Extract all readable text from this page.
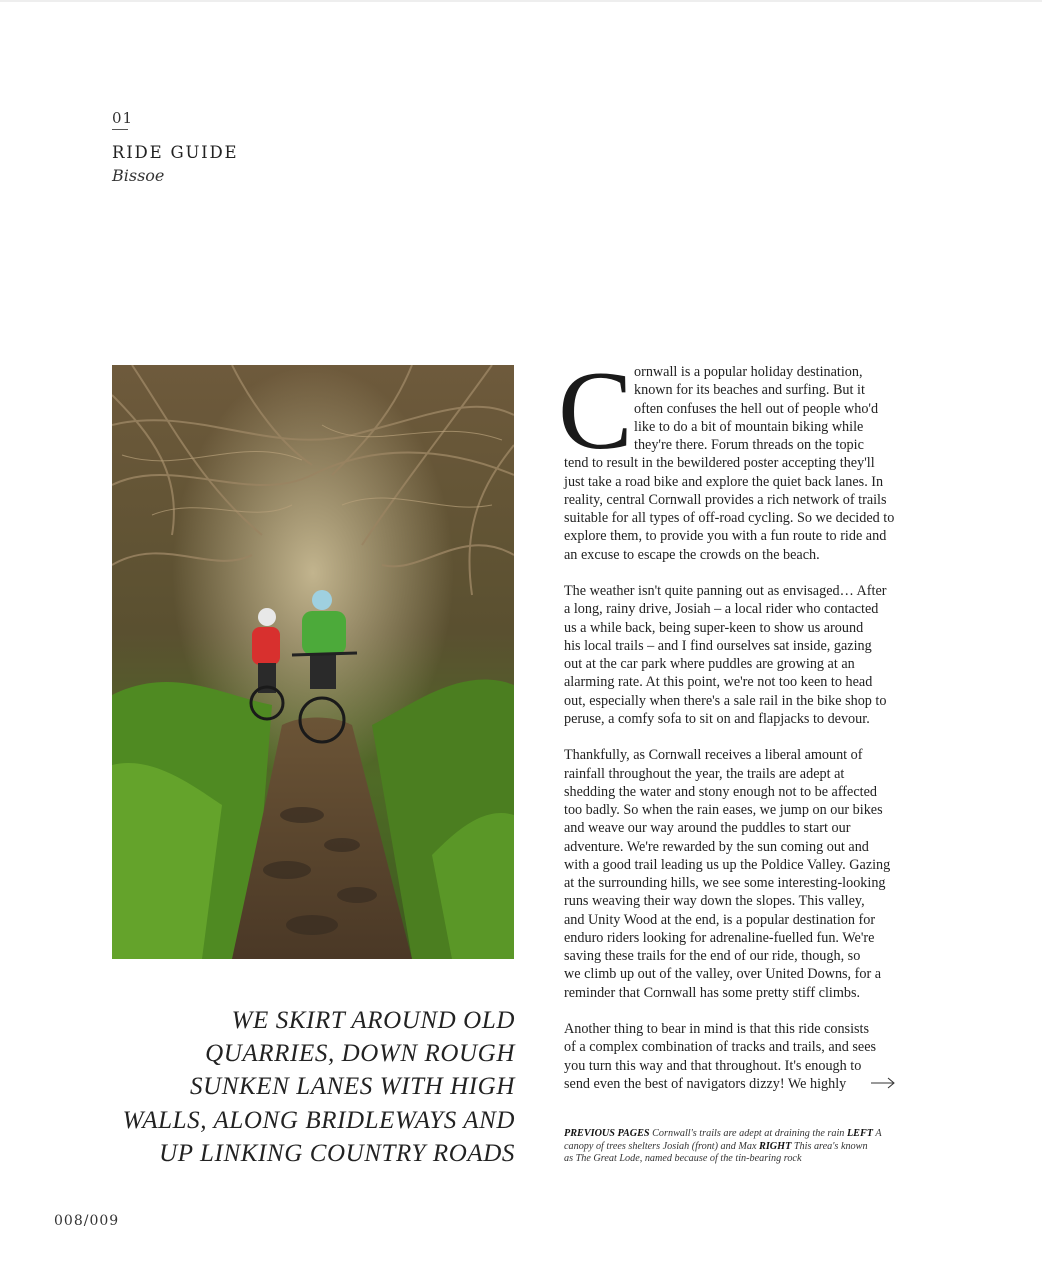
01
RIDE GUIDE
Bissoe
WE SKIRT AROUND OLD
QUARRIES, DOWN ROUGH
SUNKEN LANES WITH HIGH
WALLS, ALONG BRIDLEWAYS AND
UP LINKING COUNTRY ROADS
C ornwall is a popular holiday destination,
known for its beaches and surfing. But it
often confuses the hell out of people who'd
like to do a bit of mountain biking while
they're there. Forum threads on the topic
tend to result in the bewildered poster accepting they'll
just take a road bike and explore the quiet back lanes. In
reality, central Cornwall provides a rich network of trails
suitable for all types of off-road cycling. So we decided to
explore them, to provide you with a fun route to ride and
an excuse to escape the crowds on the beach.
The weather isn't quite panning out as envisaged… After
a long, rainy drive, Josiah – a local rider who contacted
us a while back, being super-keen to show us around
his local trails – and I find ourselves sat inside, gazing
out at the car park where puddles are growing at an
alarming rate. At this point, we're not too keen to head
out, especially when there's a sale rail in the bike shop to
peruse, a comfy sofa to sit on and flapjacks to devour.
Thankfully, as Cornwall receives a liberal amount of
rainfall throughout the year, the trails are adept at
shedding the water and stony enough not to be affected
too badly. So when the rain eases, we jump on our bikes
and weave our way around the puddles to start our
adventure. We're rewarded by the sun coming out and
with a good trail leading us up the Poldice Valley. Gazing
at the surrounding hills, we see some interesting-looking
runs weaving their way down the slopes. This valley,
and Unity Wood at the end, is a popular destination for
enduro riders looking for adrenaline-fuelled fun. We're
saving these trails for the end of our ride, though, so
we climb up out of the valley, over United Downs, for a
reminder that Cornwall has some pretty stiff climbs.
Another thing to bear in mind is that this ride consists
of a complex combination of tracks and trails, and sees
you turn this way and that throughout. It's enough to
send even the best of navigators dizzy! We highly
PREVIOUS PAGES Cornwall's trails are adept at draining the rain LEFT A
canopy of trees shelters Josiah (front) and Max RIGHT This area's known
as The Great Lode, named because of the tin-bearing rock
008/009
